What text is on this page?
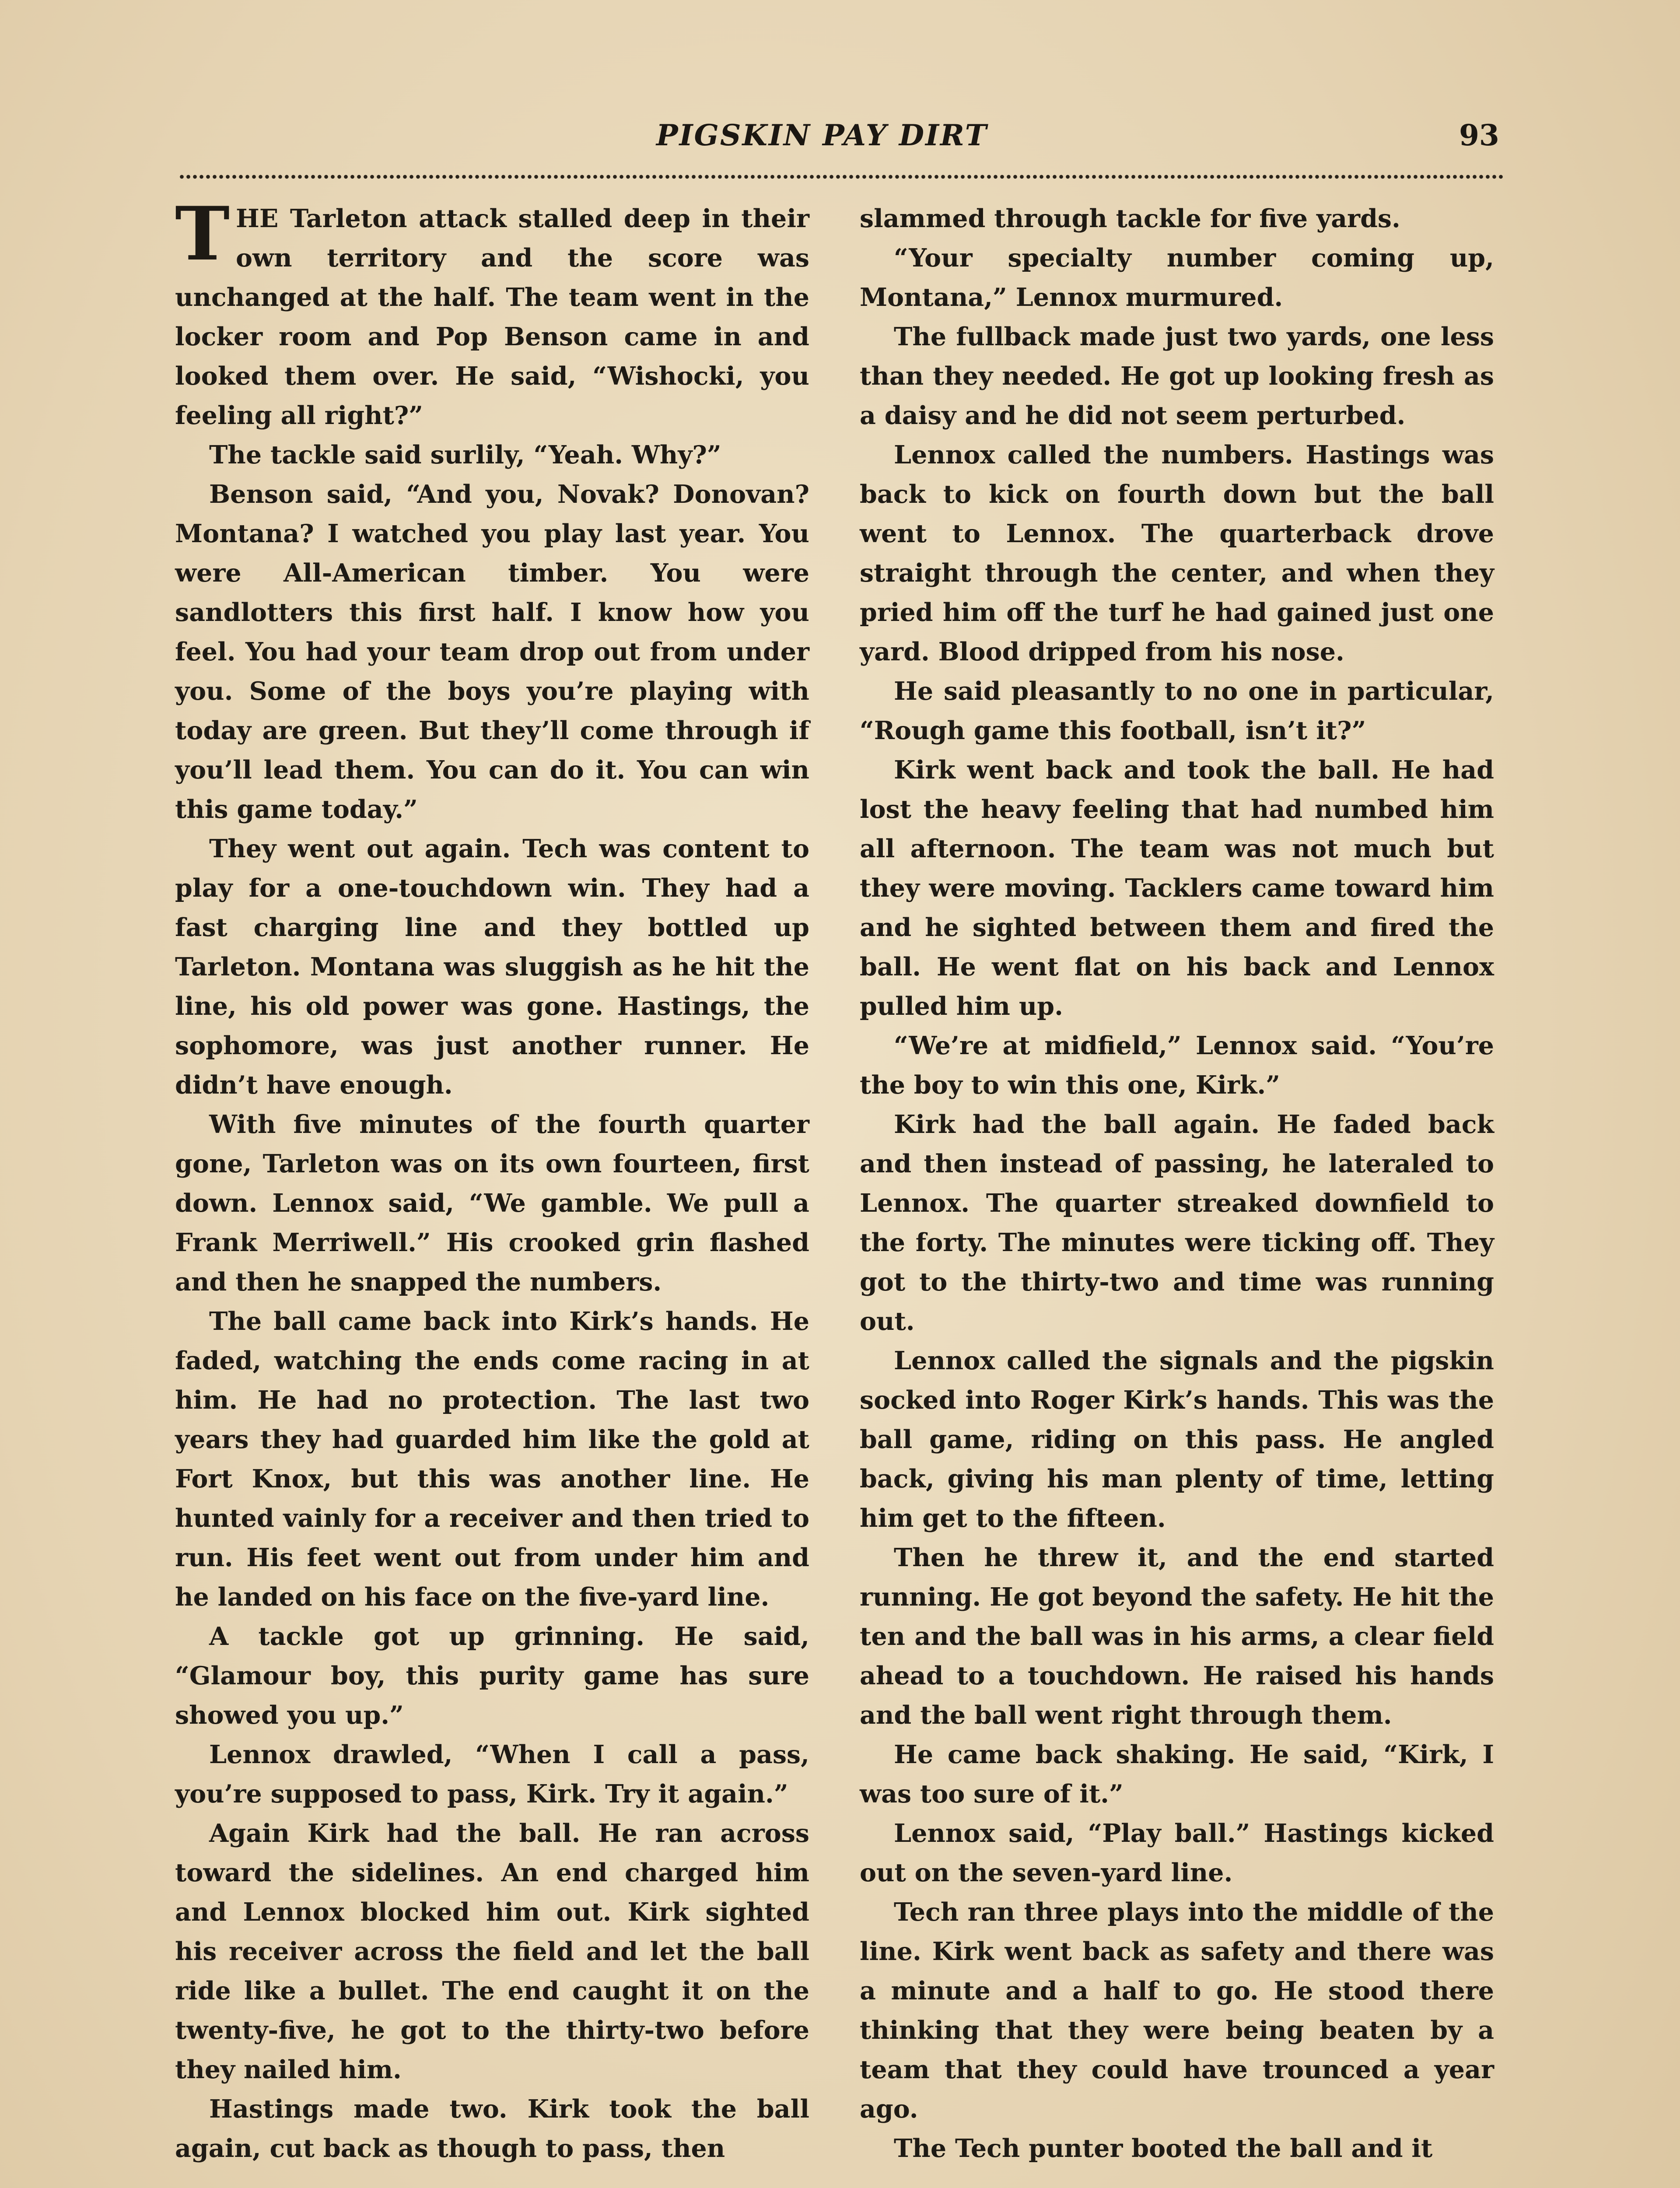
PIGSKIN PAY DIRT	93

THE Tarleton attack stalled deep in their own territory and the score was unchanged at the half. The team went in the locker room and Pop Benson came in and looked them over. He said, “Wishocki, you feeling all right?”

The tackle said surlily, “Yeah. Why?”

Benson said, “And you, Novak? Donovan? Montana? I watched you play last year. You were All-American timber. You were sandlotters this first half. I know how you feel. You had your team drop out from under you. Some of the boys you’re playing with today are green. But they’ll come through if you’ll lead them. You can do it. You can win this game today.”

They went out again. Tech was content to play for a one-touchdown win. They had a fast charging line and they bottled up Tarleton. Montana was sluggish as he hit the line, his old power was gone. Hastings, the sophomore, was just another runner. He didn’t have enough.

With five minutes of the fourth quarter gone, Tarleton was on its own fourteen, first down. Lennox said, “We gamble. We pull a Frank Merriwell.” His crooked grin flashed and then he snapped the numbers.

The ball came back into Kirk’s hands. He faded, watching the ends come racing in at him. He had no protection. The last two years they had guarded him like the gold at Fort Knox, but this was another line. He hunted vainly for a receiver and then tried to run. His feet went out from under him and he landed on his face on the five-yard line.

A tackle got up grinning. He said, “Glamour boy, this purity game has sure showed you up.”

Lennox drawled, “When I call a pass, you’re supposed to pass, Kirk. Try it again.”

Again Kirk had the ball. He ran across toward the sidelines. An end charged him and Lennox blocked him out. Kirk sighted his receiver across the field and let the ball ride like a bullet. The end caught it on the twenty-five, he got to the thirty-two before they nailed him.

Hastings made two. Kirk took the ball again, cut back as though to pass, then

slammed through tackle for five yards.

“Your specialty number coming up, Montana,” Lennox murmured.

The fullback made just two yards, one less than they needed. He got up looking fresh as a daisy and he did not seem perturbed.

Lennox called the numbers. Hastings was back to kick on fourth down but the ball went to Lennox. The quarterback drove straight through the center, and when they pried him off the turf he had gained just one yard. Blood dripped from his nose.

He said pleasantly to no one in particular, “Rough game this football, isn’t it?”

Kirk went back and took the ball. He had lost the heavy feeling that had numbed him all afternoon. The team was not much but they were moving. Tacklers came toward him and he sighted between them and fired the ball. He went flat on his back and Lennox pulled him up.

“We’re at midfield,” Lennox said. “You’re the boy to win this one, Kirk.”

Kirk had the ball again. He faded back and then instead of passing, he lateraled to Lennox. The quarter streaked downfield to the forty. The minutes were ticking off. They got to the thirty-two and time was running out.

Lennox called the signals and the pigskin socked into Roger Kirk’s hands. This was the ball game, riding on this pass. He angled back, giving his man plenty of time, letting him get to the fifteen.

Then he threw it, and the end started running. He got beyond the safety. He hit the ten and the ball was in his arms, a clear field ahead to a touchdown. He raised his hands and the ball went right through them.

He came back shaking. He said, “Kirk, I was too sure of it.”

Lennox said, “Play ball.” Hastings kicked out on the seven-yard line.

Tech ran three plays into the middle of the line. Kirk went back as safety and there was a minute and a half to go. He stood there thinking that they were being beaten by a team that they could have trounced a year ago.

The Tech punter booted the ball and it
